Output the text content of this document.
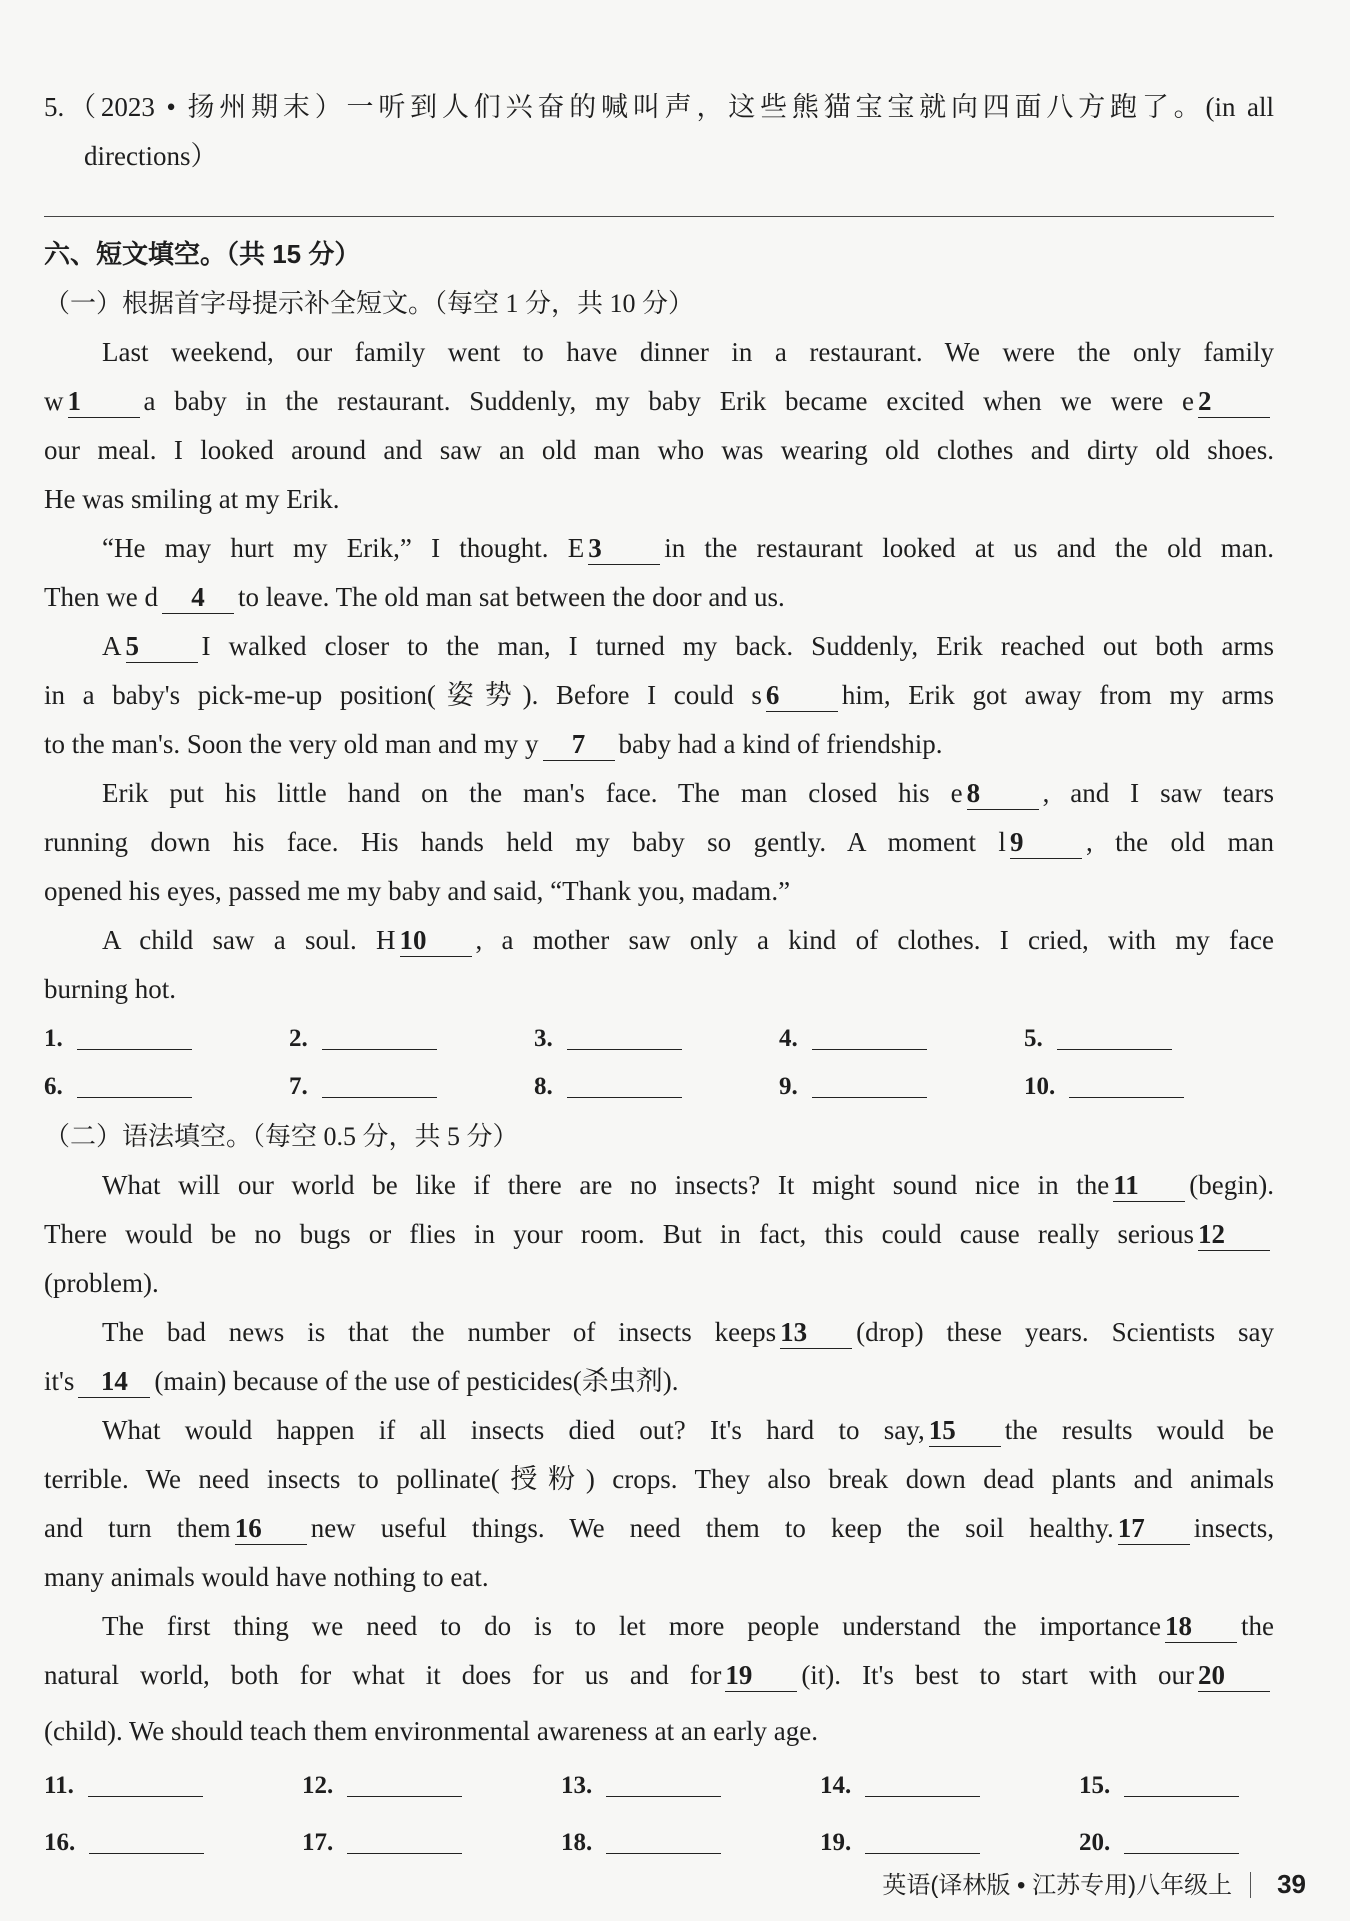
5.（2023 • 扬州期末）一听到人们兴奋的喊叫声，这些熊猫宝宝就向四面八方跑了。(in all
directions）
六、短文填空。（共 15 分）
（一）根据首字母提示补全短文。（每空 1 分，共 10 分）
Last weekend, our family went to have dinner in a restaurant. We were the only family
w 1 a baby in the restaurant. Suddenly, my baby Erik became excited when we were e 2
our meal. I looked around and saw an old man who was wearing old clothes and dirty old shoes.
He was smiling at my Erik.
“He may hurt my Erik,” I thought. E 3 in the restaurant looked at us and the old man.
Then we d 4 to leave. The old man sat between the door and us.
A 5 I walked closer to the man, I turned my back. Suddenly, Erik reached out both arms
in a baby's pick-me-up position(姿势). Before I could s 6 him, Erik got away from my arms
to the man's. Soon the very old man and my y 7 baby had a kind of friendship.
Erik put his little hand on the man's face. The man closed his e 8 , and I saw tears
running down his face. His hands held my baby so gently. A moment l 9 , the old man
opened his eyes, passed me my baby and said, “Thank you, madam.”
A child saw a soul. H 10 , a mother saw only a kind of clothes. I cried, with my face
burning hot.
1.	2.	3.	4.	5.
6.	7.	8.	9.	10.
（二）语法填空。（每空 0.5 分，共 5 分）
What will our world be like if there are no insects? It might sound nice in the 11 (begin).
There would be no bugs or flies in your room. But in fact, this could cause really serious 12
(problem).
The bad news is that the number of insects keeps 13 (drop) these years. Scientists say
it's 14 (main) because of the use of pesticides(杀虫剂).
What would happen if all insects died out? It's hard to say, 15 the results would be
terrible. We need insects to pollinate(授粉) crops. They also break down dead plants and animals
and turn them 16 new useful things. We need them to keep the soil healthy. 17 insects,
many animals would have nothing to eat.
The first thing we need to do is to let more people understand the importance 18 the
natural world, both for what it does for us and for 19 (it). It's best to start with our 20
(child). We should teach them environmental awareness at an early age.
11.	12.	13.	14.	15.
16.	17.	18.	19.	20.
英语(译林版 • 江苏专用)八年级上 39
